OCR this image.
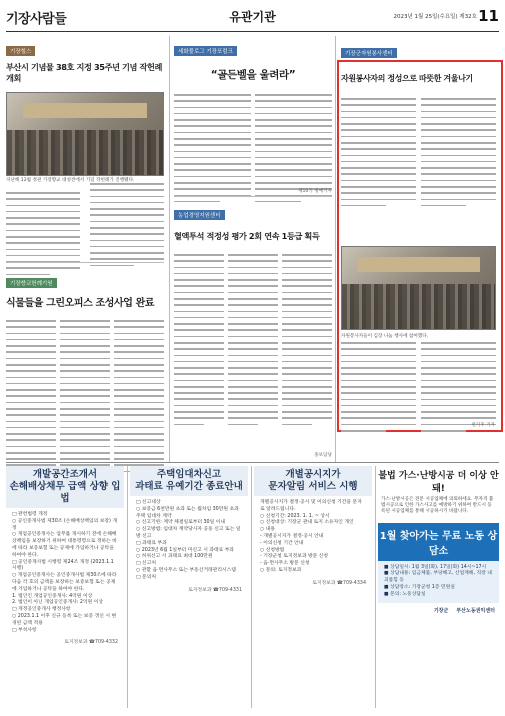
기장사람들	유관기관	2023년 1월 25일(수요일) 제32호 11
기장힐스
부산시 기념물 38호 지정 35주년 기념 작헌례 개회
지난해 12월 정관 기장향교 대성전에서 기념 작헌례가 진행됐다.
세화풀로그 기장포럼크
“골든벨을 울려라”
제10기 명예기자
농업경영지원센터
혈액투석 적정성 평가 2회 연속 1등급 획득
홍보담당
기장향교헌례기원
식물들을 그린오피스 조성사업 완료
기장군자원봉사센터
자원봉사자의 정성으로 따뜻한 겨울나기
자원봉사자들이 김장 나눔 행사에 참여했다.
편지후 기자
개발공간조개서
손해배상채무 급액 상향 입법
□ 관련법령 개정
○ 공인중개사법 제30조 (손해배상책임의 보장) 개정
○ 개업공인중개사는 업무를 개시하기 전에 손해배상책임을 보장하기 위하여 대통령령으로 정하는 바에 따라 보증보험 또는 공제에 가입하거나 공탁을 하여야 한다.
□ 공인중개사법 시행령 제24조 개정 (2023.1.1 시행)
○ 개업공인중개사는 공인중개사법 제30조에 따라 다음 각 호의 금액을 보장하는 보증보험 또는 공제에 가입하거나 공탁을 하여야 한다.
1. 법인인 개업공인중개사: 4억원 이상
2. 법인이 아닌 개업공인중개사: 2억원 이상
□ 개정공인중개사 행정사항
○ 2023.1.1 이후 신규 등록 또는 보증 갱신 시 변경된 금액 적용
□ 부칙사항
토지정보과 ☎709-4332
주택임대차신고
과태료 유예기간 종료안내
□ 신고대상
○ 보증금 6천만원 초과 또는 월차임 30만원 초과 주택 임대차 계약
○ 신고기한: 계약 체결일로부터 30일 이내
○ 신고방법: 임대차 계약당사자 공동 신고 또는 일방 신고
□ 과태료 부과
○ 2023년 6월 1일부터 미신고 시 과태료 부과
○ 허위신고 시 과태료 최대 100만원
□ 신고처
○ 관할 읍·면사무소 또는 부동산거래관리시스템
□ 문의처
토지정보과 ☎709-4331
개별공시지가
문자알림 서비스 시행
개별공시지가 결정·공시 및 이의신청 기간을 문자로 알려드립니다.
○ 신청기간: 2023. 1. 1. ~ 상시
○ 신청대상: 기장군 관내 토지 소유자인 개인
○ 내용
- 개별공시지가 결정·공시 안내
- 이의신청 기간 안내
○ 신청방법
- 기장군청 토지정보과 방문 신청
- 읍·면사무소 방문 신청
○ 문의: 토지정보과
토지정보과 ☎709-4334
불법 가스·난방시공 더 이상 안돼!
가스·난방시공은 전문 시공업체에 의뢰하세요. 무자격 불법시공으로 인한 가스사고를 예방하기 위하여 반드시 등록된 시공업체를 통해 시공하시기 바랍니다.
1월 찾아가는 무료 노동 상담소
■ 상담일시: 1월 3일(화), 17일(화) 14시~17시
■ 상담내용: 임금체불, 부당해고, 산업재해, 직장 내 괴롭힘 등
■ 상담장소: 기장군청 1층 민원실
■ 문의: 노동상담실
기장군 부산노동권익센터
